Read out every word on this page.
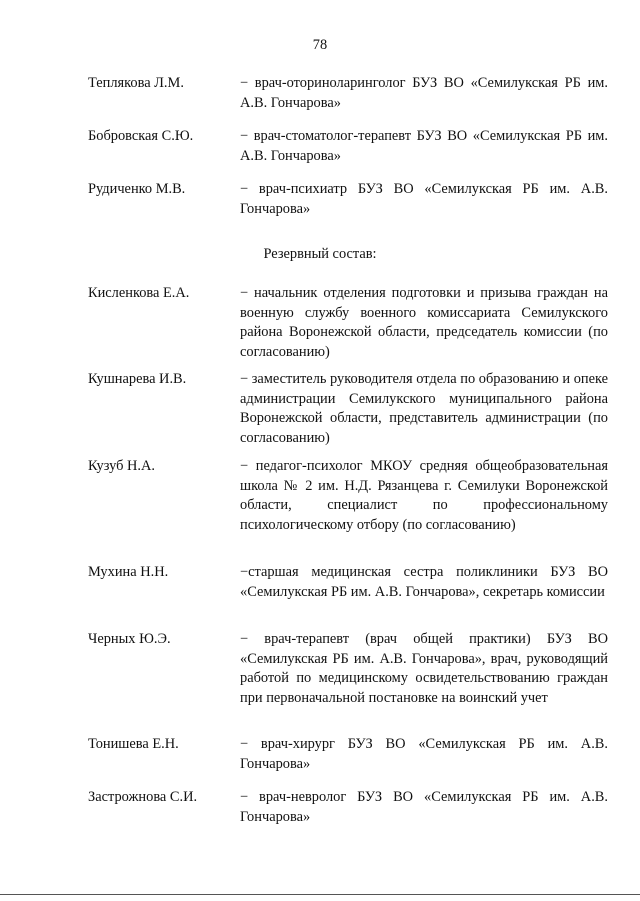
78
Теплякова Л.М.	− врач-оториноларинголог БУЗ ВО «Семилукская РБ им. А.В. Гончарова»
Бобровская С.Ю.	− врач-стоматолог-терапевт БУЗ ВО «Семилукская РБ им. А.В. Гончарова»
Рудиченко М.В.	− врач-психиатр БУЗ ВО «Семилукская РБ им. А.В. Гончарова»
Резервный состав:
Кисленкова Е.А.	− начальник отделения подготовки и призыва граждан на военную службу военного комиссариата Семилукского района Воронежской области, председатель комиссии (по согласованию)
Кушнарева И.В.	− заместитель руководителя отдела по образованию и опеке администрации Семилукского муниципального района Воронежской области, представитель администрации (по согласованию)
Кузуб Н.А.	− педагог-психолог МКОУ средняя общеобразовательная школа № 2 им. Н.Д. Рязанцева г. Семилуки Воронежской области, специалист по профессиональному психологическому отбору (по согласованию)
Мухина Н.Н.	−старшая медицинская сестра поликлиники БУЗ ВО «Семилукская РБ им. А.В. Гончарова», секретарь комиссии
Черных Ю.Э.	− врач-терапевт (врач общей практики) БУЗ ВО «Семилукская РБ им. А.В. Гончарова», врач, руководящий работой по медицинскому освидетельствованию граждан при первоначальной постановке на воинский учет
Тонишева Е.Н.	− врач-хирург БУЗ ВО «Семилукская РБ им. А.В. Гончарова»
Застрожнова С.И.	− врач-невролог БУЗ ВО «Семилукская РБ им. А.В. Гончарова»
